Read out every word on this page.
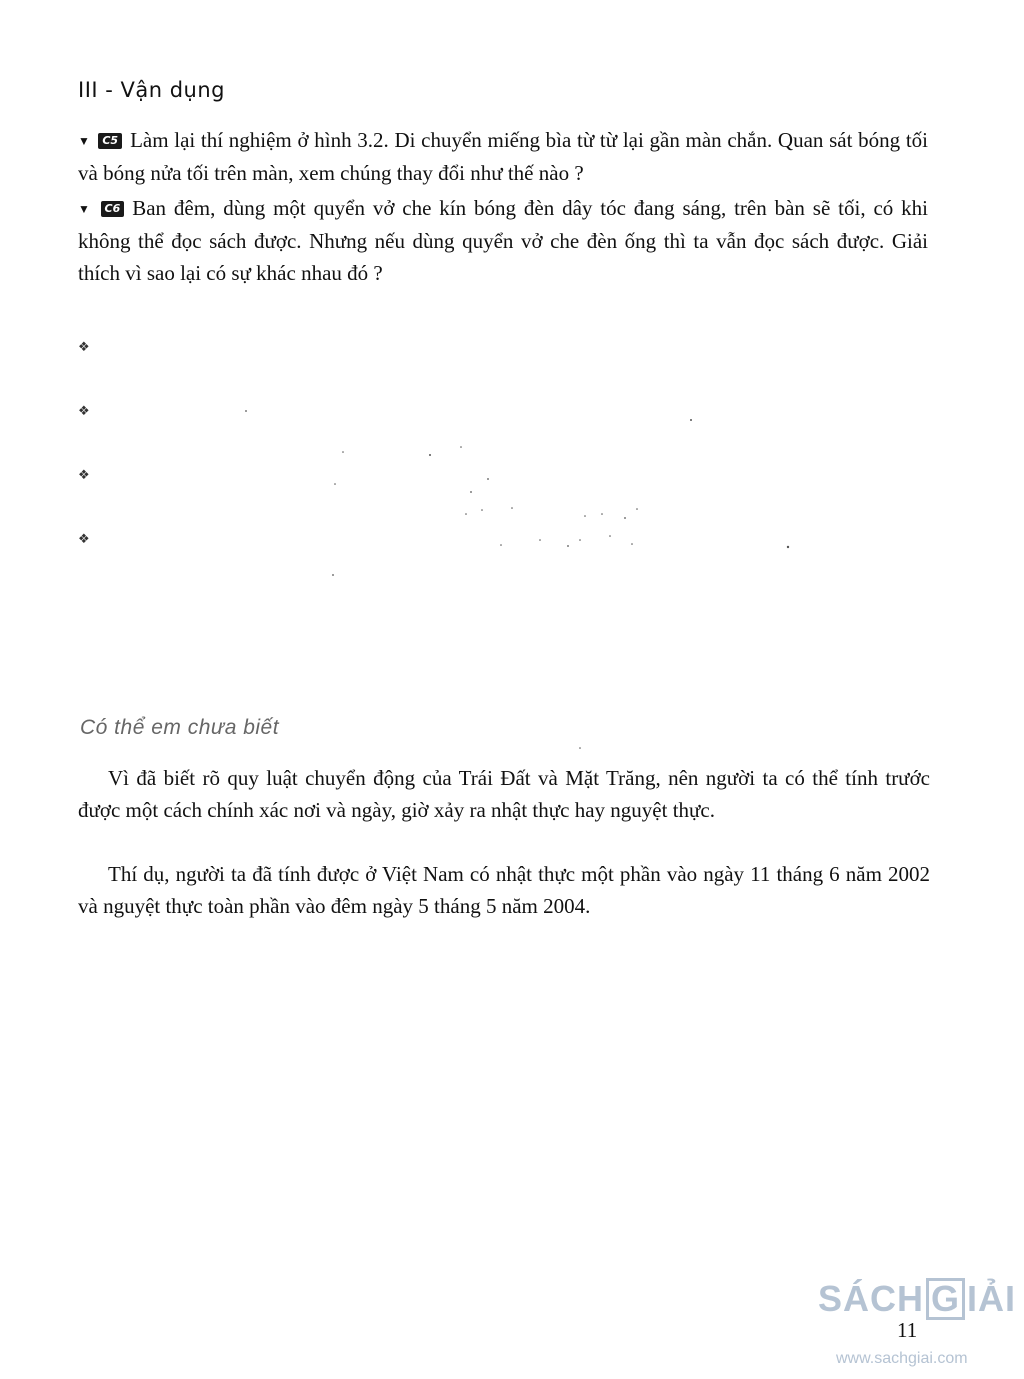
III - Vận dụng
▼ C5 Làm lại thí nghiệm ở hình 3.2. Di chuyển miếng bìa từ từ lại gần màn chắn. Quan sát bóng tối và bóng nửa tối trên màn, xem chúng thay đổi như thế nào ?
▼ C6 Ban đêm, dùng một quyển vở che kín bóng đèn dây tóc đang sáng, trên bàn sẽ tối, có khi không thể đọc sách được. Nhưng nếu dùng quyển vở che đèn ống thì ta vẫn đọc sách được. Giải thích vì sao lại có sự khác nhau đó ?
❖
❖
❖
❖
Có thể em chưa biết

Vì đã biết rõ quy luật chuyển động của Trái Đất và Mặt Trăng, nên người ta có thể tính trước được một cách chính xác nơi và ngày, giờ xảy ra nhật thực hay nguyệt thực.

Thí dụ, người ta đã tính được ở Việt Nam có nhật thực một phần vào ngày 11 tháng 6 năm 2002 và nguyệt thực toàn phần vào đêm ngày 5 tháng 5 năm 2004.

SÁCH G IẢI
www.sachgiai.com
11
